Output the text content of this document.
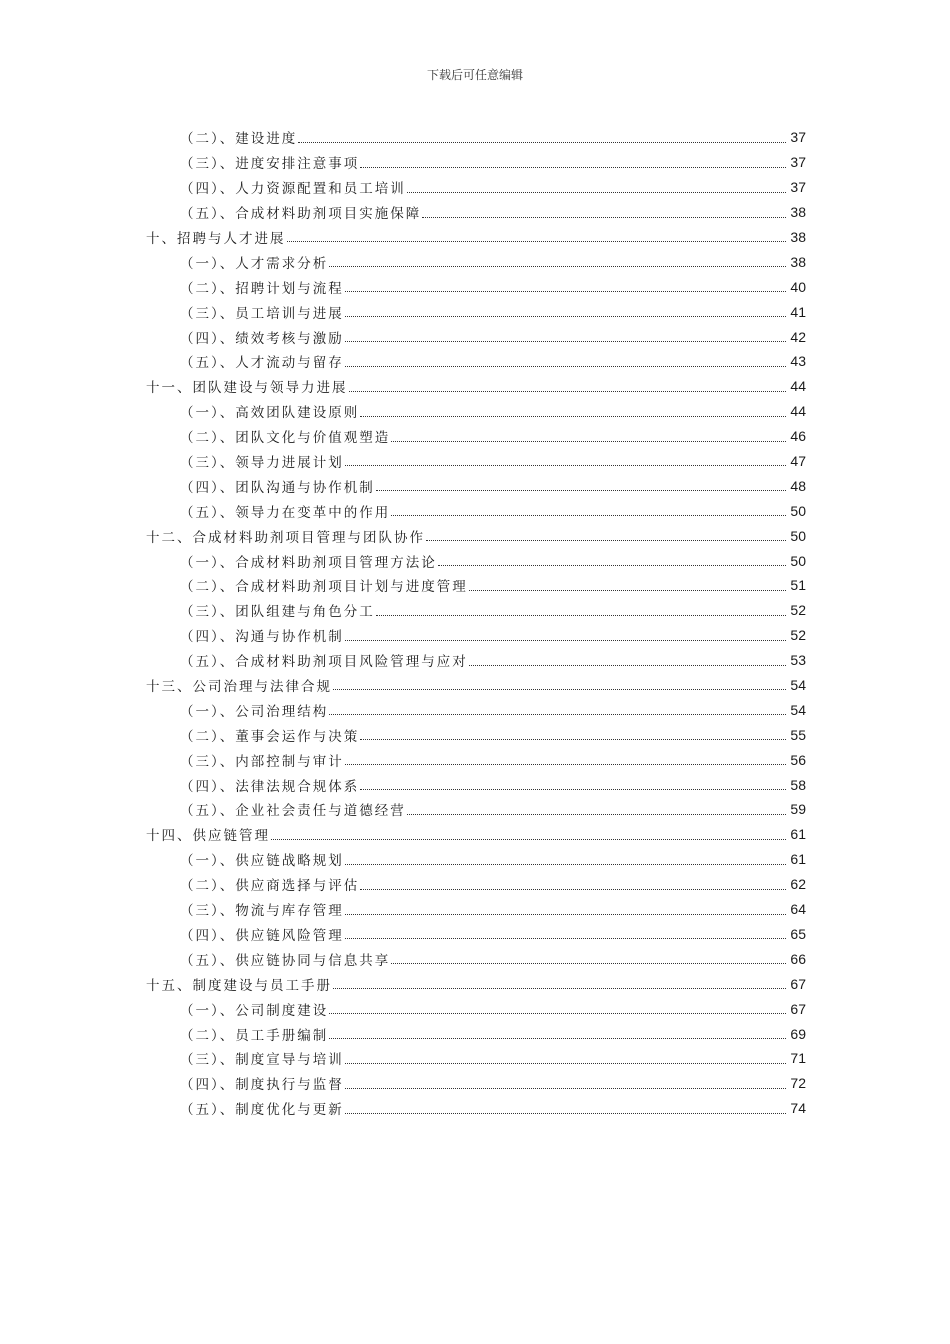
下载后可任意编辑
（二）、建设进度	37
（三）、进度安排注意事项	37
（四）、人力资源配置和员工培训	37
（五）、合成材料助剂项目实施保障	38
十、招聘与人才进展	38
（一）、人才需求分析	38
（二）、招聘计划与流程	40
（三）、员工培训与进展	41
（四）、绩效考核与激励	42
（五）、人才流动与留存	43
十一、团队建设与领导力进展	44
（一）、高效团队建设原则	44
（二）、团队文化与价值观塑造	46
（三）、领导力进展计划	47
（四）、团队沟通与协作机制	48
（五）、领导力在变革中的作用	50
十二、合成材料助剂项目管理与团队协作	50
（一）、合成材料助剂项目管理方法论	50
（二）、合成材料助剂项目计划与进度管理	51
（三）、团队组建与角色分工	52
（四）、沟通与协作机制	52
（五）、合成材料助剂项目风险管理与应对	53
十三、公司治理与法律合规	54
（一）、公司治理结构	54
（二）、董事会运作与决策	55
（三）、内部控制与审计	56
（四）、法律法规合规体系	58
（五）、企业社会责任与道德经营	59
十四、供应链管理	61
（一）、供应链战略规划	61
（二）、供应商选择与评估	62
（三）、物流与库存管理	64
（四）、供应链风险管理	65
（五）、供应链协同与信息共享	66
十五、制度建设与员工手册	67
（一）、公司制度建设	67
（二）、员工手册编制	69
（三）、制度宣导与培训	71
（四）、制度执行与监督	72
（五）、制度优化与更新	74
